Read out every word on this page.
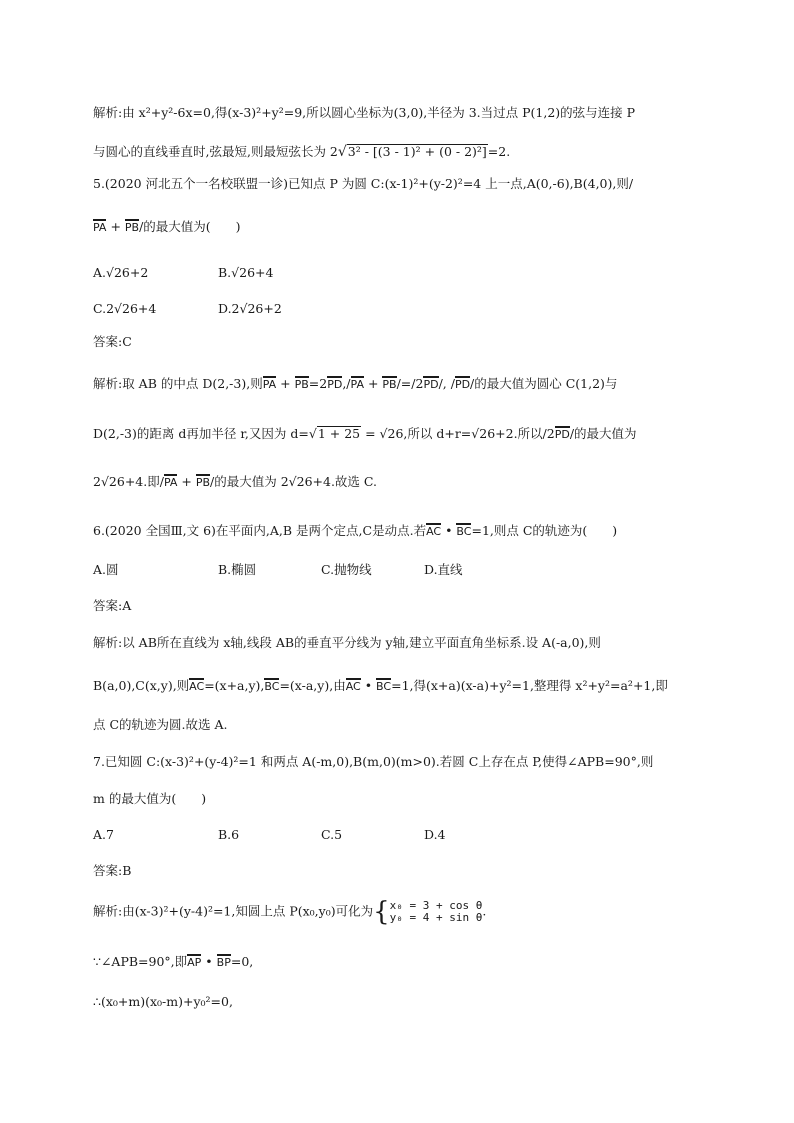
解析:由 x²+y²-6x=0,得(x-3)²+y²=9,所以圆心坐标为(3,0),半径为 3.当过点 P(1,2)的弦与连接 P
与圆心的直线垂直时,弦最短,则最短弦长为 2√3² - [(3 - 1)² + (0 - 2)²]=2.
5.(2020 河北五个一名校联盟一诊)已知点 P 为圆 C:(x-1)²+(y-2)²=4 上一点,A(0,-6),B(4,0),则/
PA + PB/的最大值为(　　)
A.√26+2	B.√26+4
C.2√26+4	D.2√26+2
答案:C
解析:取 AB 的中点 D(2,-3),则PA + PB=2PD,/PA + PB/=/2PD/, /PD/的最大值为圆心 C(1,2)与
D(2,-3)的距离 d再加半径 r,又因为 d=√1 + 25 = √26,所以 d+r=√26+2.所以/2PD/的最大值为
2√26+4.即/PA + PB/的最大值为 2√26+4.故选 C.
6.(2020 全国Ⅲ,文 6)在平面内,A,B 是两个定点,C是动点.若AC • BC=1,则点 C的轨迹为(　　)
A.圆	B.椭圆	C.抛物线	D.直线
答案:A
解析:以 AB所在直线为 x轴,线段 AB的垂直平分线为 y轴,建立平面直角坐标系.设 A(-a,0),则
B(a,0),C(x,y),则AC=(x+a,y),BC=(x-a,y),由AC • BC=1,得(x+a)(x-a)+y²=1,整理得 x²+y²=a²+1,即
点 C的轨迹为圆.故选 A.
7.已知圆 C:(x-3)²+(y-4)²=1 和两点 A(-m,0),B(m,0)(m>0).若圆 C上存在点 P,使得∠APB=90°,则
m 的最大值为(　　)
A.7	B.6	C.5	D.4
答案:B
解析:由(x-3)²+(y-4)²=1,知圆上点 P(x₀,y₀)可化为{x₀ = 3 + cos θ
y₀ = 4 + sin θ.
∵∠APB=90°,即AP • BP=0,
∴(x₀+m)(x₀-m)+y₀²=0,
